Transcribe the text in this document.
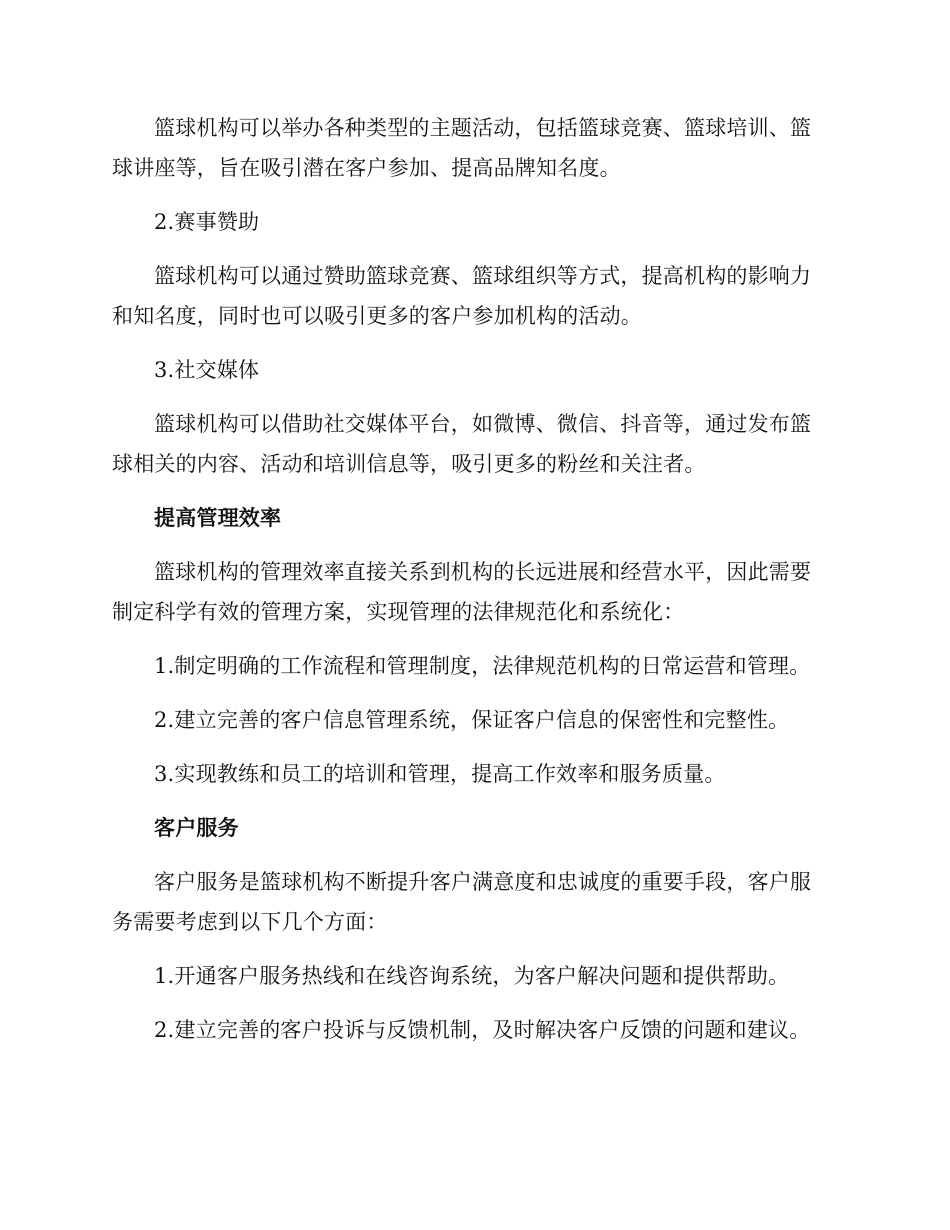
篮球机构可以举办各种类型的主题活动，包括篮球竞赛、篮球培训、篮球讲座等，旨在吸引潜在客户参加、提高品牌知名度。

2.赛事赞助

篮球机构可以通过赞助篮球竞赛、篮球组织等方式，提高机构的影响力和知名度，同时也可以吸引更多的客户参加机构的活动。

3.社交媒体

篮球机构可以借助社交媒体平台，如微博、微信、抖音等，通过发布篮球相关的内容、活动和培训信息等，吸引更多的粉丝和关注者。

提高管理效率

篮球机构的管理效率直接关系到机构的长远进展和经营水平，因此需要制定科学有效的管理方案，实现管理的法律规范化和系统化：

1.制定明确的工作流程和管理制度，法律规范机构的日常运营和管理。

2.建立完善的客户信息管理系统，保证客户信息的保密性和完整性。

3.实现教练和员工的培训和管理，提高工作效率和服务质量。

客户服务

客户服务是篮球机构不断提升客户满意度和忠诚度的重要手段，客户服务需要考虑到以下几个方面：

1.开通客户服务热线和在线咨询系统，为客户解决问题和提供帮助。

2.建立完善的客户投诉与反馈机制，及时解决客户反馈的问题和建议。
